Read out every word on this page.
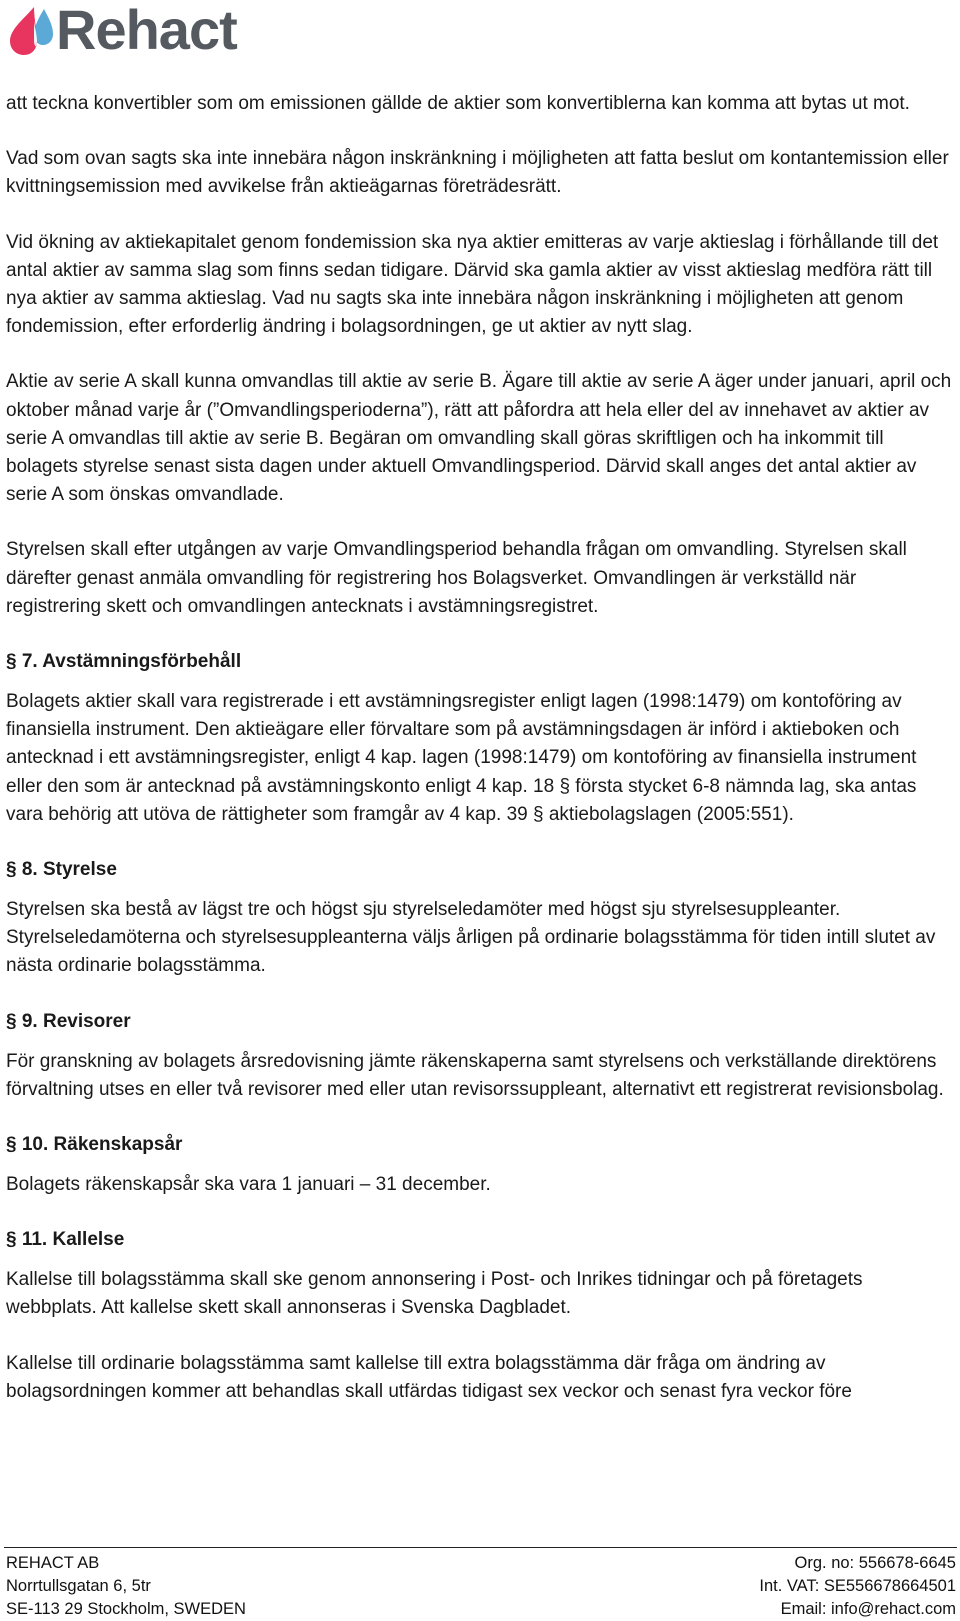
Rehact

att teckna konvertibler som om emissionen gällde de aktier som konvertiblerna kan komma att bytas ut mot.

Vad som ovan sagts ska inte innebära någon inskränkning i möjligheten att fatta beslut om kontantemission eller kvittningsemission med avvikelse från aktieägarnas företrädesrätt.

Vid ökning av aktiekapitalet genom fondemission ska nya aktier emitteras av varje aktieslag i förhållande till det antal aktier av samma slag som finns sedan tidigare. Därvid ska gamla aktier av visst aktieslag medföra rätt till nya aktier av samma aktieslag. Vad nu sagts ska inte innebära någon inskränkning i möjligheten att genom fondemission, efter erforderlig ändring i bolagsordningen, ge ut aktier av nytt slag.

Aktie av serie A skall kunna omvandlas till aktie av serie B. Ägare till aktie av serie A äger under januari, april och oktober månad varje år (”Omvandlingsperioderna”), rätt att påfordra att hela eller del av innehavet av aktier av serie A omvandlas till aktie av serie B. Begäran om omvandling skall göras skriftligen och ha inkommit till bolagets styrelse senast sista dagen under aktuell Omvandlingsperiod. Därvid skall anges det antal aktier av serie A som önskas omvandlade.

Styrelsen skall efter utgången av varje Omvandlingsperiod behandla frågan om omvandling. Styrelsen skall därefter genast anmäla omvandling för registrering hos Bolagsverket. Omvandlingen är verkställd när registrering skett och omvandlingen antecknats i avstämningsregistret.

§ 7. Avstämningsförbehåll

Bolagets aktier skall vara registrerade i ett avstämningsregister enligt lagen (1998:1479) om kontoföring av finansiella instrument. Den aktieägare eller förvaltare som på avstämningsdagen är införd i aktieboken och antecknad i ett avstämningsregister, enligt 4 kap. lagen (1998:1479) om kontoföring av finansiella instrument eller den som är antecknad på avstämningskonto enligt 4 kap. 18 § första stycket 6-8 nämnda lag, ska antas vara behörig att utöva de rättigheter som framgår av 4 kap. 39 § aktiebolagslagen (2005:551).

§ 8. Styrelse

Styrelsen ska bestå av lägst tre och högst sju styrelseledamöter med högst sju styrelsesuppleanter. Styrelseledamöterna och styrelsesuppleanterna väljs årligen på ordinarie bolagsstämma för tiden intill slutet av nästa ordinarie bolagsstämma.

§ 9. Revisorer

För granskning av bolagets årsredovisning jämte räkenskaperna samt styrelsens och verkställande direktörens förvaltning utses en eller två revisorer med eller utan revisorssuppleant, alternativt ett registrerat revisionsbolag.

§ 10. Räkenskapsår

Bolagets räkenskapsår ska vara 1 januari – 31 december.

§ 11. Kallelse

Kallelse till bolagsstämma skall ske genom annonsering i Post- och Inrikes tidningar och på företagets webbplats. Att kallelse skett skall annonseras i Svenska Dagbladet.

Kallelse till ordinarie bolagsstämma samt kallelse till extra bolagsstämma där fråga om ändring av bolagsordningen kommer att behandlas skall utfärdas tidigast sex veckor och senast fyra veckor före

REHACT AB
Norrtullsgatan 6, 5tr
SE-113 29 Stockholm, SWEDEN
Org. no: 556678-6645
Int. VAT: SE556678664501
Email: info@rehact.com
